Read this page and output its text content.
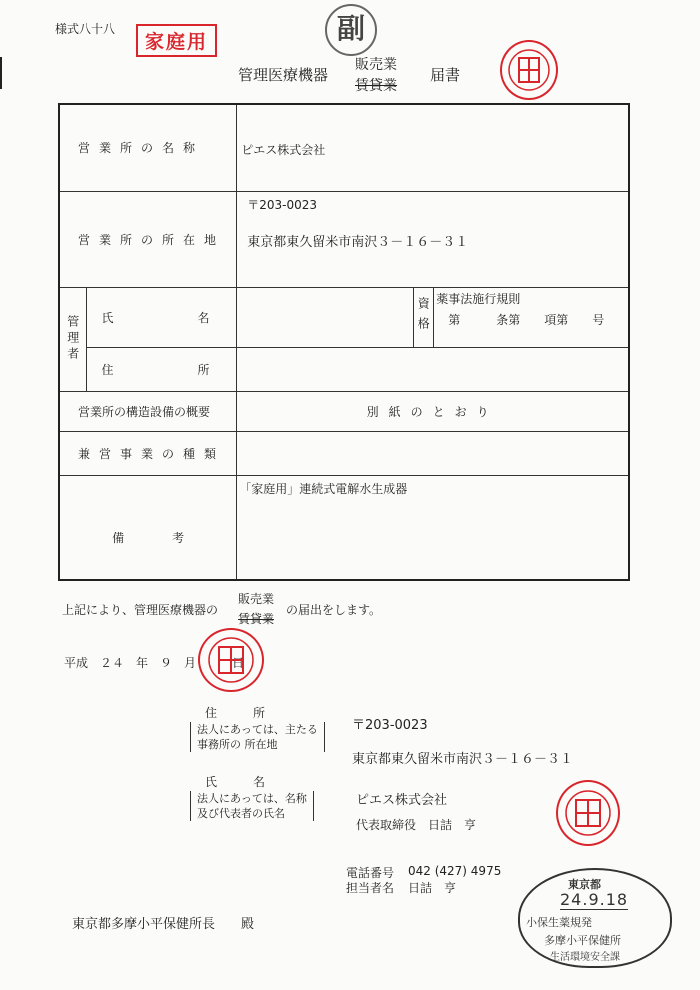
様式八十八
家庭用	副
管理医療機器
販売業
賃貸業
届書
営業所の名称		ピエス株式会社		
営業所の所在地		〒203-0023
東京都東久留米市南沢３－１６－３１		

管理者	氏　　　　　　　名		資格	薬事法施行規則
第　　　条第　　項第　　号

	住　　　　　　　所			
営業所の構造設備の概要		別紙のとおり		
兼営事業の種類				
備　　　　考		「家庭用」連続式電解水生成器		
上記により、管理医療機器の
販売業
賃貸業
の届出をします。
平成　２４　年　９　月　　　日
住　　　所
法人にあっては、主たる
事務所の 所在地
〒203-0023
東京都東久留米市南沢３－１６－３１
氏　　　名
法人にあっては、名称
及び代表者の氏名
ピエス株式会社
代表取締役　日詰　亨
電話番号 042 (427) 4975
担当者名 日詰　亨
東京都多摩小平保健所長　　殿
東京都
24.9.18
小保生薬規発
多摩小平保健所
生活環境安全課
